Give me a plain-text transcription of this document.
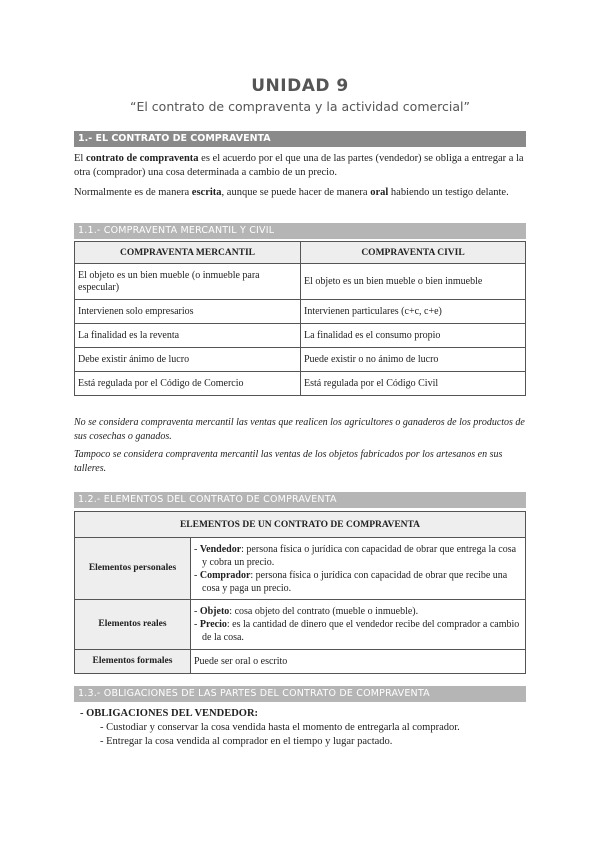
UNIDAD 9
“El contrato de compraventa y la actividad comercial”
1.- EL CONTRATO DE COMPRAVENTA

El contrato de compraventa es el acuerdo por el que una de las partes (vendedor) se obliga a entregar a la otra (comprador) una cosa determinada a cambio de un precio.

Normalmente es de manera escrita, aunque se puede hacer de manera oral habiendo un testigo delante.

1.1.- COMPRAVENTA MERCANTIL Y CIVIL
COMPRAVENTA MERCANTIL	COMPRAVENTA CIVIL
El objeto es un bien mueble (o inmueble para especular)	El objeto es un bien mueble o bien inmueble
Intervienen solo empresarios	Intervienen particulares (c+c, c+e)
La finalidad es la reventa	La finalidad es el consumo propio
Debe existir ánimo de lucro	Puede existir o no ánimo de lucro
Está regulada por el Código de Comercio	Está regulada por el Código Civil

No se considera compraventa mercantil las ventas que realicen los agricultores o ganaderos de los productos de sus cosechas o ganados.

Tampoco se considera compraventa mercantil las ventas de los objetos fabricados por los artesanos en sus talleres.

1.2.- ELEMENTOS DEL CONTRATO DE COMPRAVENTA
ELEMENTOS DE UN CONTRATO DE COMPRAVENTA	
Elementos personales	- Vendedor: persona física o jurídica con capacidad de obrar que entrega la cosa y cobra un precio.
- Comprador: persona física o jurídica con capacidad de obrar que recibe una cosa y paga un precio.

Elementos reales	- Objeto: cosa objeto del contrato (mueble o inmueble).
- Precio: es la cantidad de dinero que el vendedor recibe del comprador a cambio de la cosa.

Elementos formales	Puede ser oral o escrito
1.3.- OBLIGACIONES DE LAS PARTES DEL CONTRATO DE COMPRAVENTA
- OBLIGACIONES DEL VENDEDOR:
- Custodiar y conservar la cosa vendida hasta el momento de entregarla al comprador.
- Entregar la cosa vendida al comprador en el tiempo y lugar pactado.
